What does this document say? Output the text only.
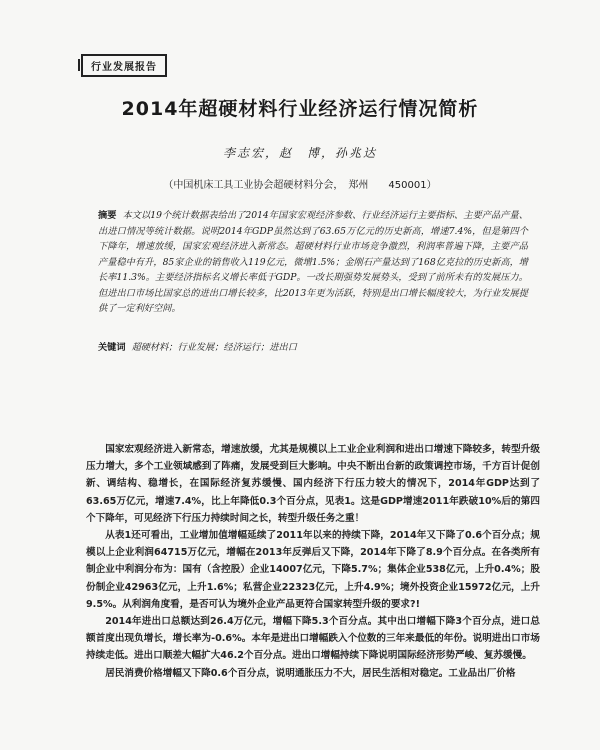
行业发展报告
2014年超硬材料行业经济运行情况简析
李志宏，赵　博，孙兆达
（中国机床工具工业协会超硬材料分会，　郑州　　450001）
摘要 本文以19个统计数据表给出了2014年国家宏观经济参数、行业经济运行主要指标、主要产品产量、出进口情况等统计数据。说明2014年GDP虽然达到了63.65万亿元的历史新高，增速7.4%，但是第四个下降年，增速放缓，国家宏观经济进入新常态。超硬材料行业市场竞争激烈，利润率普遍下降，主要产品产量稳中有升，85家企业的销售收入119亿元，微增1.5%；金刚石产量达到了168亿克拉的历史新高，增长率11.3%。主要经济指标名义增长率低于GDP。一改长期强势发展势头，受到了前所未有的发展压力。但进出口市场比国家总的进出口增长较多，比2013年更为活跃，特别是出口增长幅度较大，为行业发展提供了一定利好空间。
关键词 超硬材料；行业发展；经济运行；进出口

国家宏观经济进入新常态，增速放缓，尤其是规模以上工业企业利润和进出口增速下降较多，转型升级压力增大，多个工业领域感到了阵痛，发展受到巨大影响。中央不断出台新的政策调控市场，千方百计促创新、调结构、稳增长，在国际经济复苏缓慢、国内经济下行压力较大的情况下，2014年GDP达到了63.65万亿元，增速7.4%，比上年降低0.3个百分点，见表1。这是GDP增速2011年跌破10%后的第四个下降年，可见经济下行压力持续时间之长，转型升级任务之重！

从表1还可看出，工业增加值增幅延续了2011年以来的持续下降，2014年又下降了0.6个百分点；规模以上企业利润64715万亿元，增幅在2013年反弹后又下降，2014年下降了8.9个百分点。在各类所有制企业中利润分布为：国有（含控股）企业14007亿元，下降5.7%；集体企业538亿元，上升0.4%；股份制企业42963亿元，上升1.6%；私营企业22323亿元，上升4.9%；境外投资企业15972亿元，上升9.5%。从利润角度看，是否可认为境外企业产品更符合国家转型升级的要求?!

2014年进出口总额达到26.4万亿元，增幅下降5.3个百分点。其中出口增幅下降3个百分点，进口总额首度出现负增长，增长率为-0.6%。本年是进出口增幅跌入个位数的三年来最低的年份。说明进出口市场持续走低。进出口顺差大幅扩大46.2个百分点。进出口增幅持续下降说明国际经济形势严峻、复苏缓慢。

居民消费价格增幅又下降0.6个百分点，说明通胀压力不大，居民生活相对稳定。工业品出厂价格
